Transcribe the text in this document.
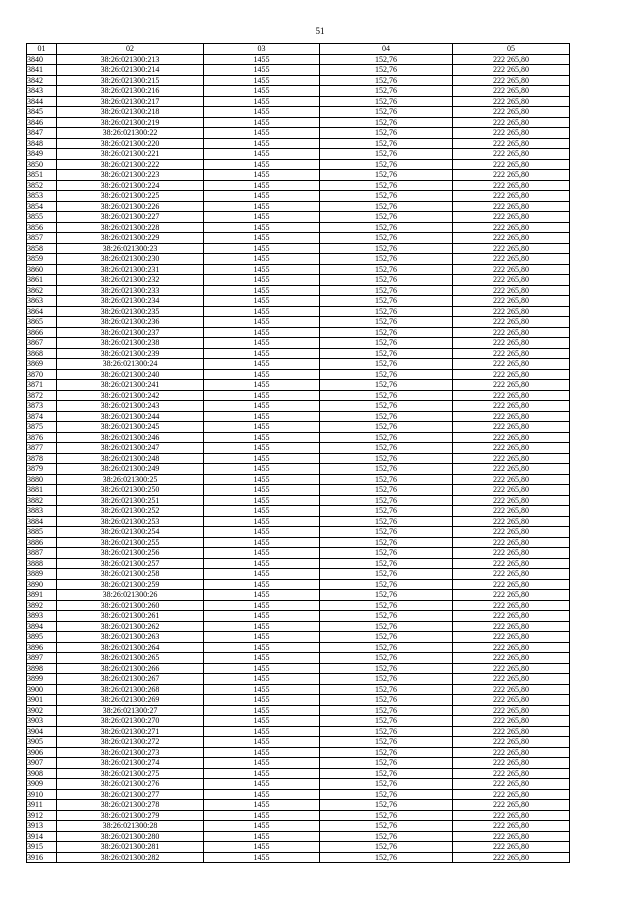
51
01	02	03	04	05
3840	38:26:021300:213	1455	152,76	222 265,80
3841	38:26:021300:214	1455	152,76	222 265,80
3842	38:26:021300:215	1455	152,76	222 265,80
3843	38:26:021300:216	1455	152,76	222 265,80
3844	38:26:021300:217	1455	152,76	222 265,80
3845	38:26:021300:218	1455	152,76	222 265,80
3846	38:26:021300:219	1455	152,76	222 265,80
3847	38:26:021300:22	1455	152,76	222 265,80
3848	38:26:021300:220	1455	152,76	222 265,80
3849	38:26:021300:221	1455	152,76	222 265,80
3850	38:26:021300:222	1455	152,76	222 265,80
3851	38:26:021300:223	1455	152,76	222 265,80
3852	38:26:021300:224	1455	152,76	222 265,80
3853	38:26:021300:225	1455	152,76	222 265,80
3854	38:26:021300:226	1455	152,76	222 265,80
3855	38:26:021300:227	1455	152,76	222 265,80
3856	38:26:021300:228	1455	152,76	222 265,80
3857	38:26:021300:229	1455	152,76	222 265,80
3858	38:26:021300:23	1455	152,76	222 265,80
3859	38:26:021300:230	1455	152,76	222 265,80
3860	38:26:021300:231	1455	152,76	222 265,80
3861	38:26:021300:232	1455	152,76	222 265,80
3862	38:26:021300:233	1455	152,76	222 265,80
3863	38:26:021300:234	1455	152,76	222 265,80
3864	38:26:021300:235	1455	152,76	222 265,80
3865	38:26:021300:236	1455	152,76	222 265,80
3866	38:26:021300:237	1455	152,76	222 265,80
3867	38:26:021300:238	1455	152,76	222 265,80
3868	38:26:021300:239	1455	152,76	222 265,80
3869	38:26:021300:24	1455	152,76	222 265,80
3870	38:26:021300:240	1455	152,76	222 265,80
3871	38:26:021300:241	1455	152,76	222 265,80
3872	38:26:021300:242	1455	152,76	222 265,80
3873	38:26:021300:243	1455	152,76	222 265,80
3874	38:26:021300:244	1455	152,76	222 265,80
3875	38:26:021300:245	1455	152,76	222 265,80
3876	38:26:021300:246	1455	152,76	222 265,80
3877	38:26:021300:247	1455	152,76	222 265,80
3878	38:26:021300:248	1455	152,76	222 265,80
3879	38:26:021300:249	1455	152,76	222 265,80
3880	38:26:021300:25	1455	152,76	222 265,80
3881	38:26:021300:250	1455	152,76	222 265,80
3882	38:26:021300:251	1455	152,76	222 265,80
3883	38:26:021300:252	1455	152,76	222 265,80
3884	38:26:021300:253	1455	152,76	222 265,80
3885	38:26:021300:254	1455	152,76	222 265,80
3886	38:26:021300:255	1455	152,76	222 265,80
3887	38:26:021300:256	1455	152,76	222 265,80
3888	38:26:021300:257	1455	152,76	222 265,80
3889	38:26:021300:258	1455	152,76	222 265,80
3890	38:26:021300:259	1455	152,76	222 265,80
3891	38:26:021300:26	1455	152,76	222 265,80
3892	38:26:021300:260	1455	152,76	222 265,80
3893	38:26:021300:261	1455	152,76	222 265,80
3894	38:26:021300:262	1455	152,76	222 265,80
3895	38:26:021300:263	1455	152,76	222 265,80
3896	38:26:021300:264	1455	152,76	222 265,80
3897	38:26:021300:265	1455	152,76	222 265,80
3898	38:26:021300:266	1455	152,76	222 265,80
3899	38:26:021300:267	1455	152,76	222 265,80
3900	38:26:021300:268	1455	152,76	222 265,80
3901	38:26:021300:269	1455	152,76	222 265,80
3902	38:26:021300:27	1455	152,76	222 265,80
3903	38:26:021300:270	1455	152,76	222 265,80
3904	38:26:021300:271	1455	152,76	222 265,80
3905	38:26:021300:272	1455	152,76	222 265,80
3906	38:26:021300:273	1455	152,76	222 265,80
3907	38:26:021300:274	1455	152,76	222 265,80
3908	38:26:021300:275	1455	152,76	222 265,80
3909	38:26:021300:276	1455	152,76	222 265,80
3910	38:26:021300:277	1455	152,76	222 265,80
3911	38:26:021300:278	1455	152,76	222 265,80
3912	38:26:021300:279	1455	152,76	222 265,80
3913	38:26:021300:28	1455	152,76	222 265,80
3914	38:26:021300:280	1455	152,76	222 265,80
3915	38:26:021300:281	1455	152,76	222 265,80
3916	38:26:021300:282	1455	152,76	222 265,80
